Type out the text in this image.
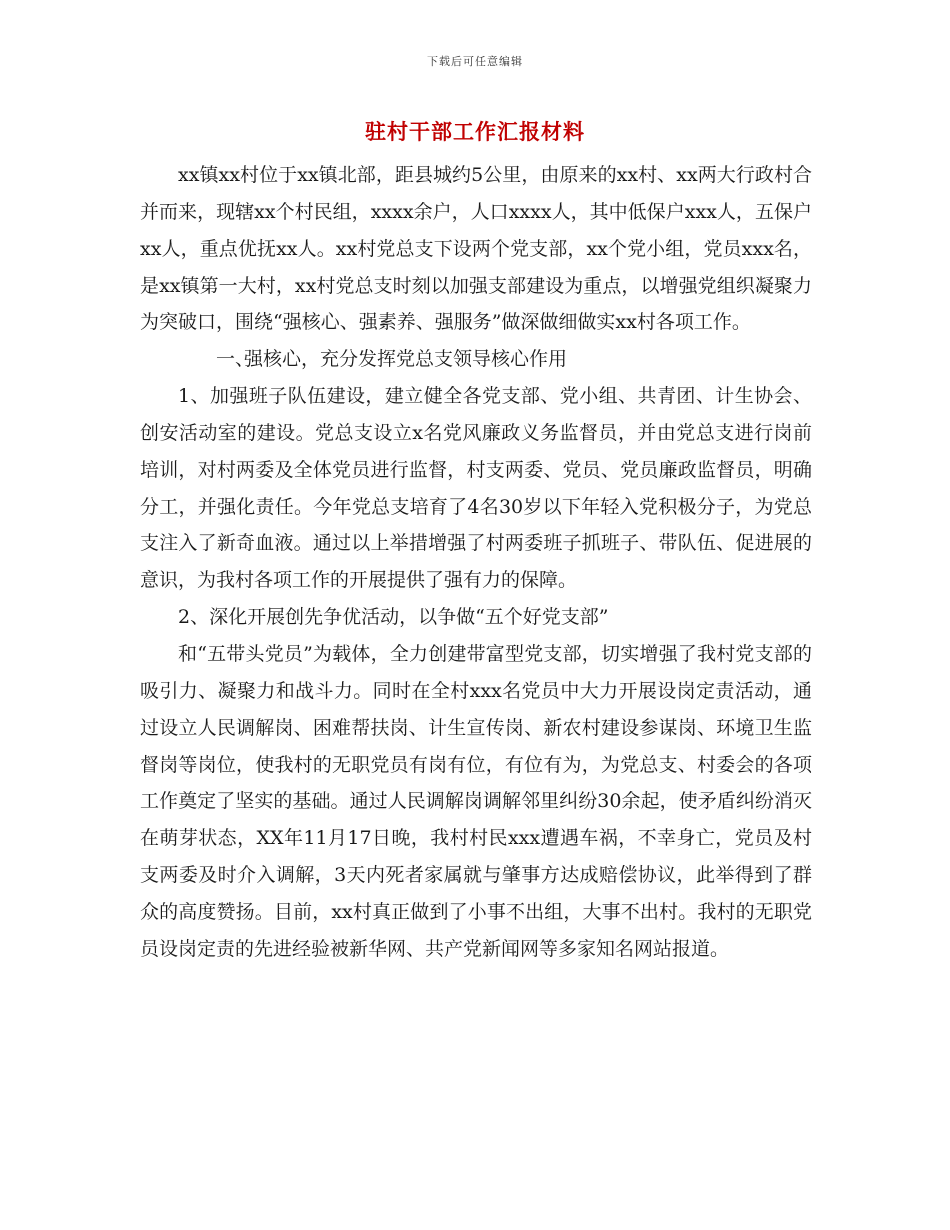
下载后可任意编辑
驻村干部工作汇报材料

xx镇xx村位于xx镇北部，距县城约5公里，由原来的xx村、xx两大行政村合并而来，现辖xx个村民组，xxxx余户，人口xxxx人，其中低保户xxx人，五保户xx人，重点优抚xx人。xx村党总支下设两个党支部，xx个党小组，党员xxx名，是xx镇第一大村，xx村党总支时刻以加强支部建设为重点，以增强党组织凝聚力为突破口，围绕“强核心、强素养、强服务”做深做细做实xx村各项工作。

一、强核心，充分发挥党总支领导核心作用

1、加强班子队伍建设，建立健全各党支部、党小组、共青团、计生协会、创安活动室的建设。党总支设立x名党风廉政义务监督员，并由党总支进行岗前培训，对村两委及全体党员进行监督，村支两委、党员、党员廉政监督员，明确分工，并强化责任。今年党总支培育了4名30岁以下年轻入党积极分子，为党总支注入了新奇血液。通过以上举措增强了村两委班子抓班子、带队伍、促进展的意识，为我村各项工作的开展提供了强有力的保障。

2、深化开展创先争优活动，以争做“五个好党支部”

和“五带头党员”为载体，全力创建带富型党支部，切实增强了我村党支部的吸引力、凝聚力和战斗力。同时在全村xxx名党员中大力开展设岗定责活动，通过设立人民调解岗、困难帮扶岗、计生宣传岗、新农村建设参谋岗、环境卫生监督岗等岗位，使我村的无职党员有岗有位，有位有为，为党总支、村委会的各项工作奠定了坚实的基础。通过人民调解岗调解邻里纠纷30余起，使矛盾纠纷消灭在萌芽状态，XX年11月17日晚，我村村民xxx遭遇车祸，不幸身亡，党员及村支两委及时介入调解，3天内死者家属就与肇事方达成赔偿协议，此举得到了群众的高度赞扬。目前，xx村真正做到了小事不出组，大事不出村。我村的无职党员设岗定责的先进经验被新华网、共产党新闻网等多家知名网站报道。
